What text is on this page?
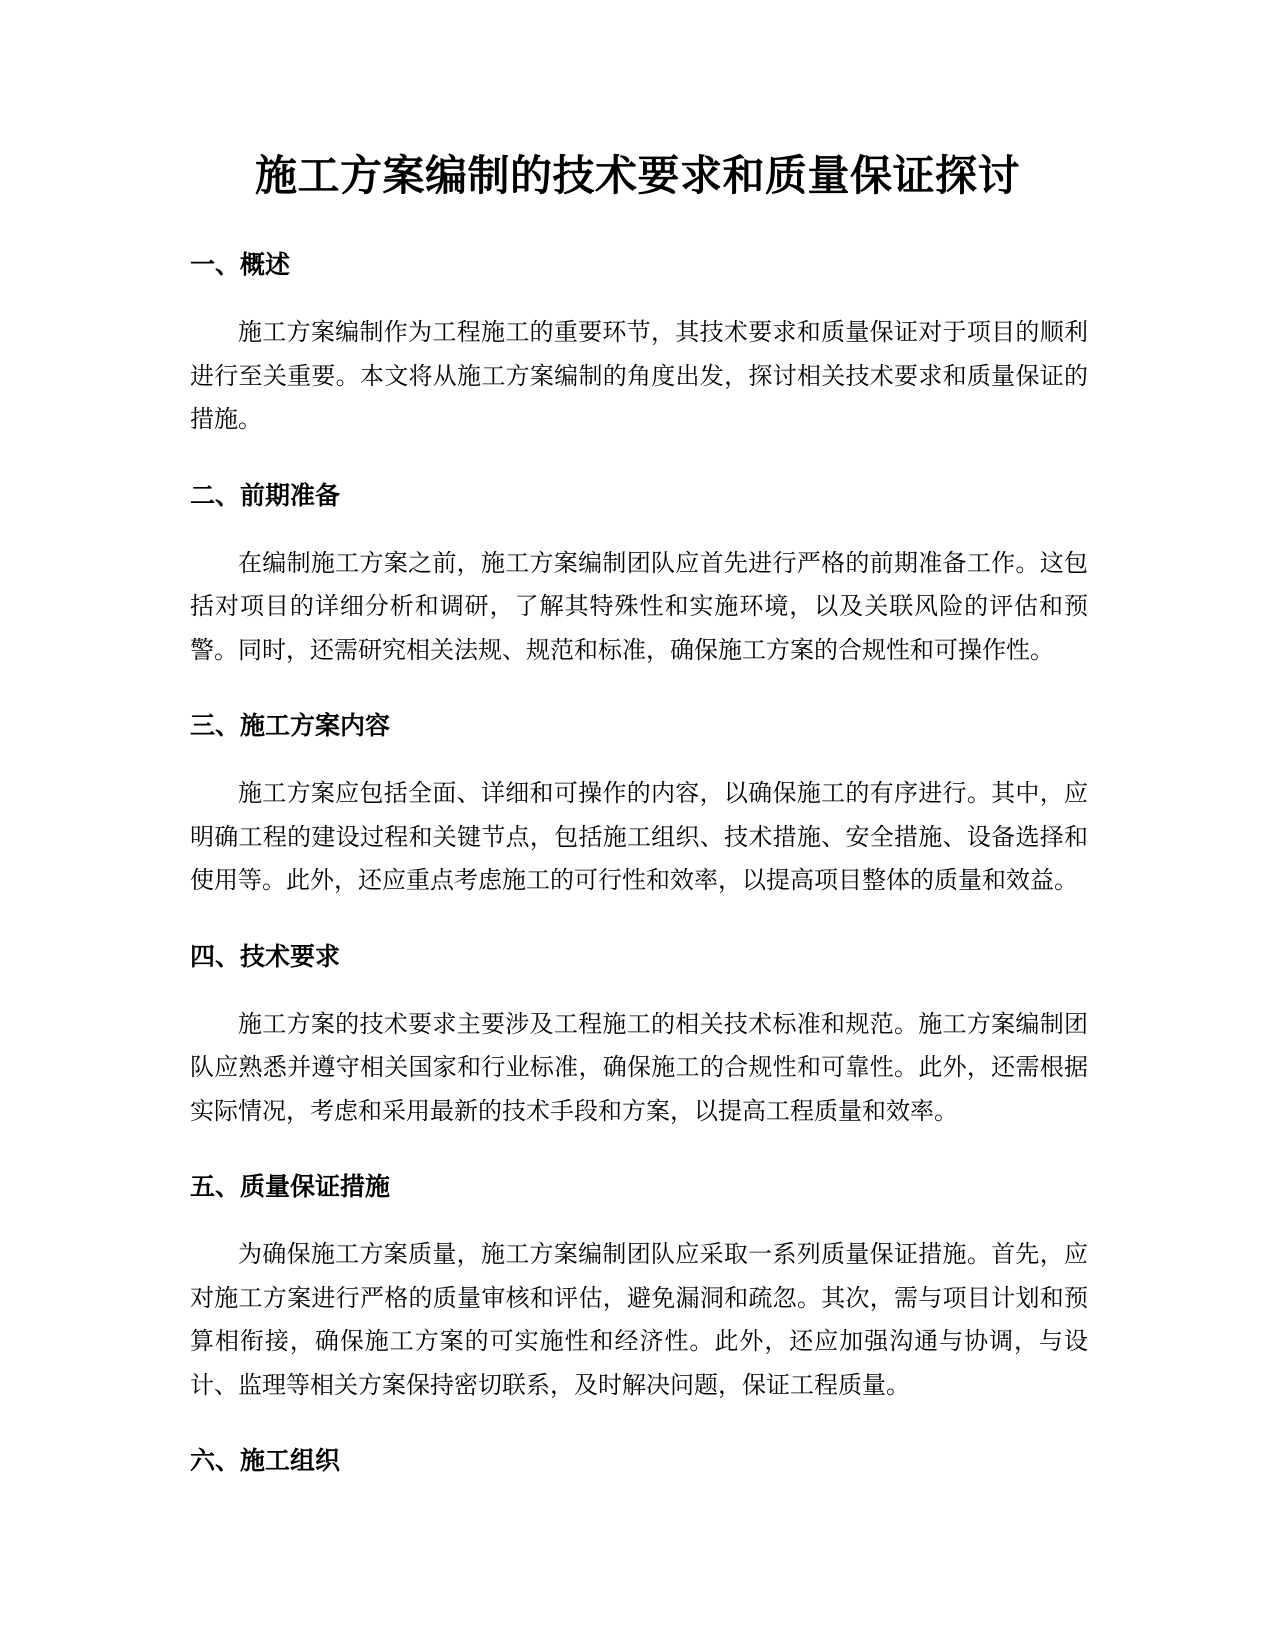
施工方案编制的技术要求和质量保证探讨
一、概述

施工方案编制作为工程施工的重要环节，其技术要求和质量保证对于项目的顺利进行至关重要。本文将从施工方案编制的角度出发，探讨相关技术要求和质量保证的措施。

二、前期准备

在编制施工方案之前，施工方案编制团队应首先进行严格的前期准备工作。这包括对项目的详细分析和调研，了解其特殊性和实施环境，以及关联风险的评估和预警。同时，还需研究相关法规、规范和标准，确保施工方案的合规性和可操作性。

三、施工方案内容

施工方案应包括全面、详细和可操作的内容，以确保施工的有序进行。其中，应明确工程的建设过程和关键节点，包括施工组织、技术措施、安全措施、设备选择和使用等。此外，还应重点考虑施工的可行性和效率，以提高项目整体的质量和效益。

四、技术要求

施工方案的技术要求主要涉及工程施工的相关技术标准和规范。施工方案编制团队应熟悉并遵守相关国家和行业标准，确保施工的合规性和可靠性。此外，还需根据实际情况，考虑和采用最新的技术手段和方案，以提高工程质量和效率。

五、质量保证措施

为确保施工方案质量，施工方案编制团队应采取一系列质量保证措施。首先，应对施工方案进行严格的质量审核和评估，避免漏洞和疏忽。其次，需与项目计划和预算相衔接，确保施工方案的可实施性和经济性。此外，还应加强沟通与协调，与设计、监理等相关方案保持密切联系，及时解决问题，保证工程质量。

六、施工组织
